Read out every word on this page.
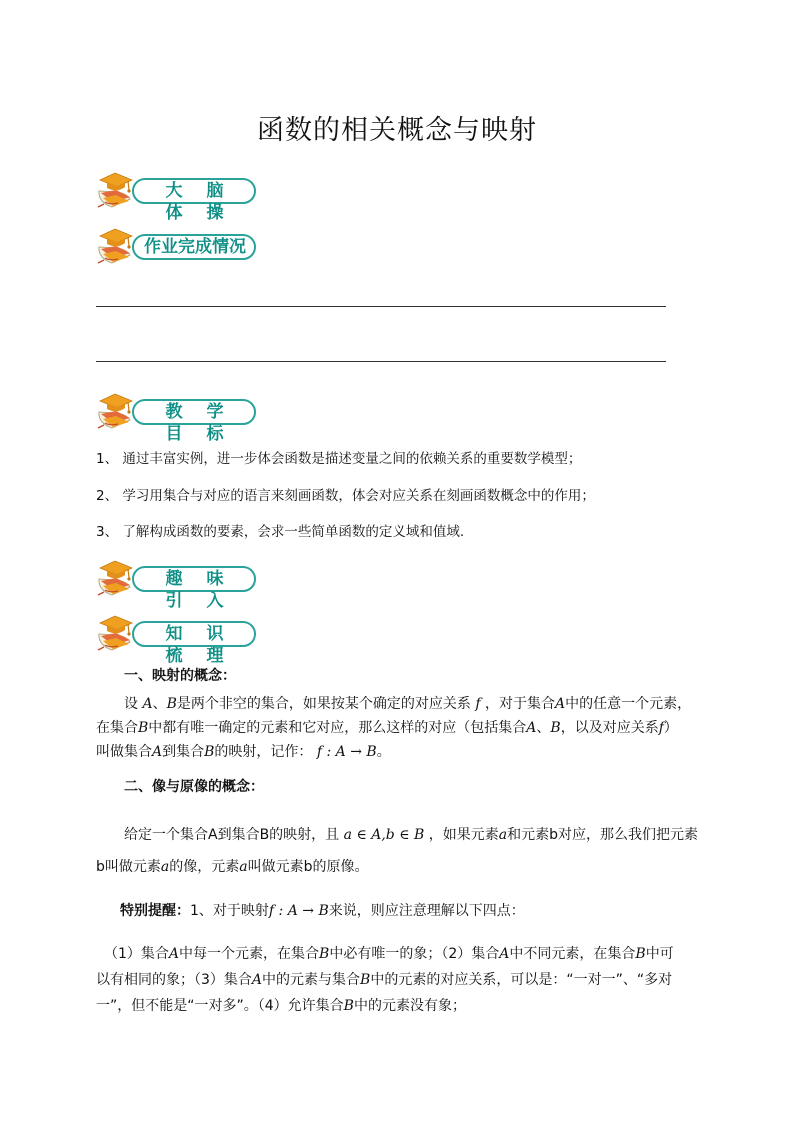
函数的相关概念与映射
大 脑 体 操
作业完成情况
教 学 目 标
1、 通过丰富实例，进一步体会函数是描述变量之间的依赖关系的重要数学模型；
2、 学习用集合与对应的语言来刻画函数，体会对应关系在刻画函数概念中的作用；
3、 了解构成函数的要素，会求一些简单函数的定义域和值域.
趣 味 引 入
知 识 梳 理
一、映射的概念：
设 A、B是两个非空的集合，如果按某个确定的对应关系 f ，对于集合A中的任意一个元素，
在集合B中都有唯一确定的元素和它对应，那么这样的对应（包括集合A、B，以及对应关系f）
叫做集合A到集合B的映射，记作： f : A → B。
二、像与原像的概念：
给定一个集合A到集合B的映射，且 a ∈ A,b ∈ B ，如果元素a和元素b对应，那么我们把元素
b叫做元素a的像，元素a叫做元素b的原像。
特别提醒：1、对于映射f : A → B来说，则应注意理解以下四点：
（1）集合A中每一个元素，在集合B中必有唯一的象；（2）集合A中不同元素，在集合B中可
以有相同的象；（3）集合A中的元素与集合B中的元素的对应关系，可以是：“一对一”、“多对
一”，但不能是“一对多”。（4）允许集合B中的元素没有象；
